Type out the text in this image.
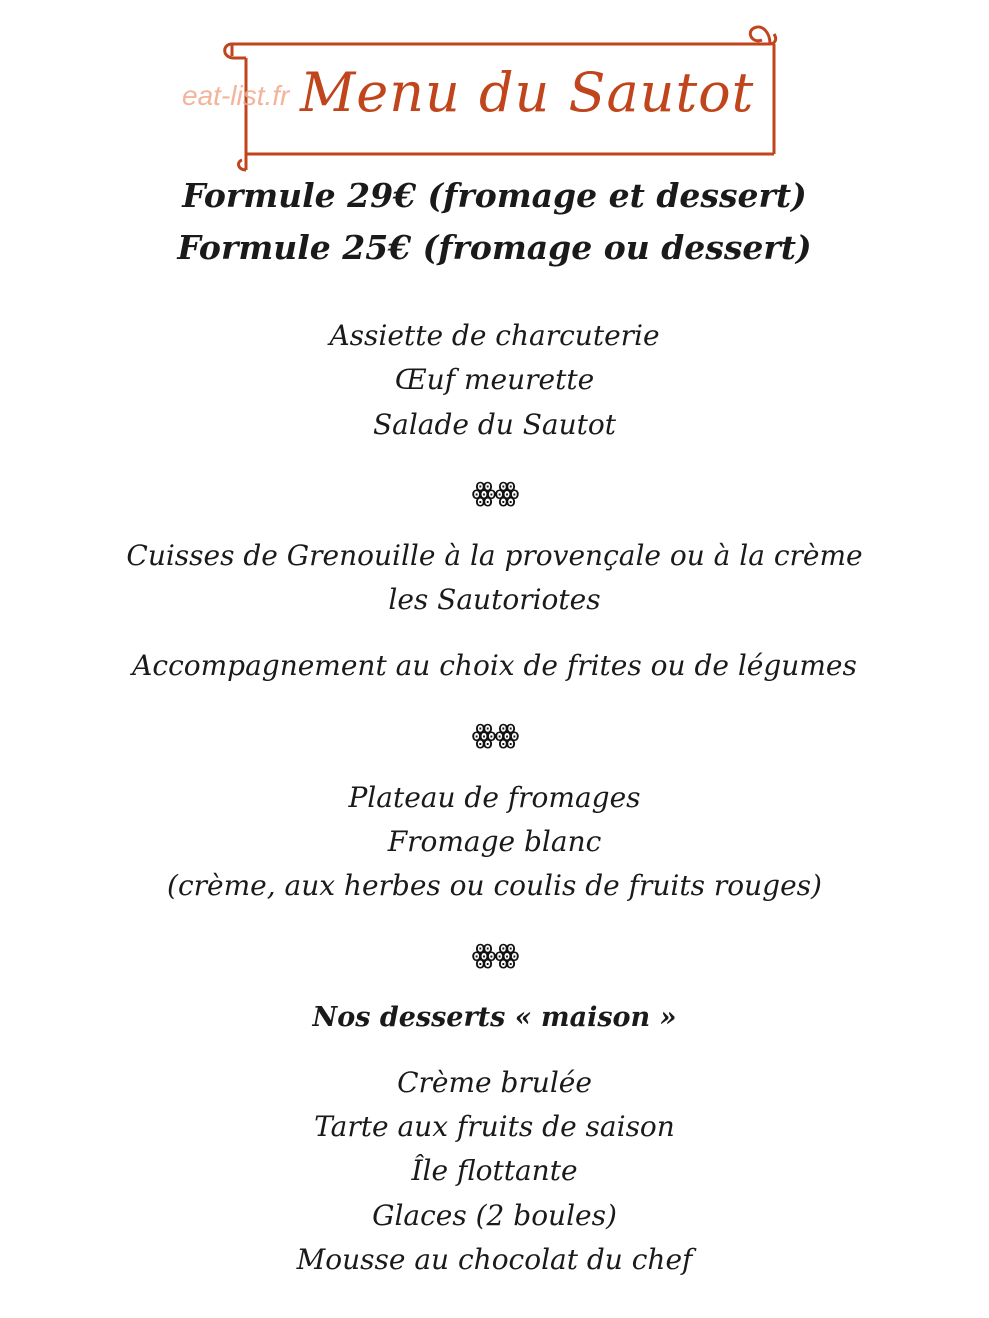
eat-list.fr Menu du Sautot
Formule 29€ (fromage et dessert)
Formule 25€ (fromage ou dessert)
Assiette de charcuterie
Œuf meurette
Salade du Sautot
ꙮꙮ
Cuisses de Grenouille à la provençale ou à la crème
les Sautoriotes
Accompagnement au choix de frites ou de légumes
ꙮꙮ
Plateau de fromages
Fromage blanc
(crème, aux herbes ou coulis de fruits rouges)
ꙮꙮ
Nos desserts « maison »
Crème brulée
Tarte aux fruits de saison
Île flottante
Glaces (2 boules)
Mousse au chocolat du chef
